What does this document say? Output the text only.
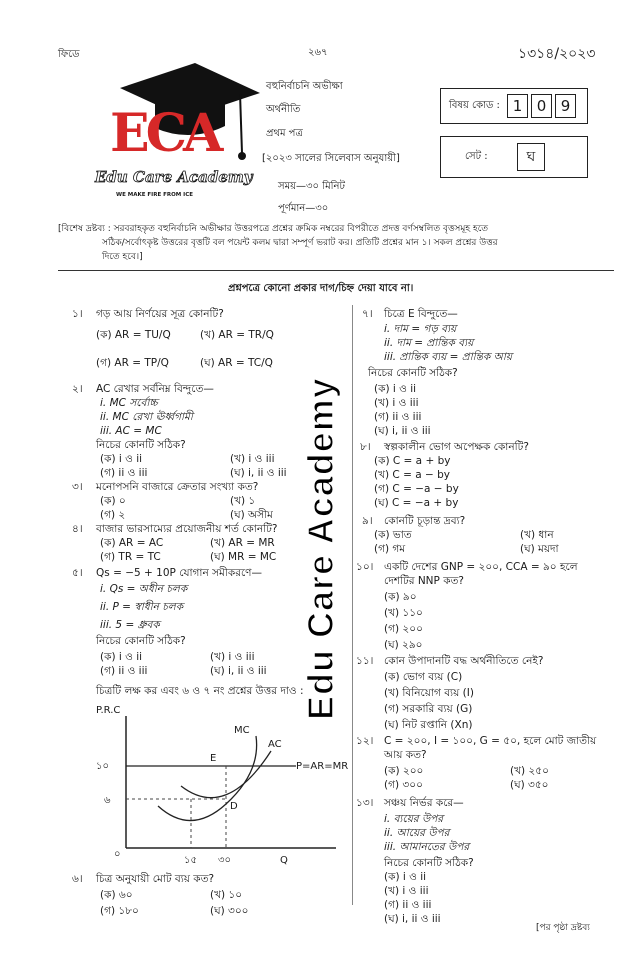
ফিডে	২৬৭	১৩১৪/২০২৩
ECA
Edu Care Academy
WE MAKE FIRE FROM ICE
বহুনির্বাচনি অভীক্ষা
অর্থনীতি
প্রথম পত্র
[২০২৩ সালের সিলেবাস অনুযায়ী]
সময়—৩০ মিনিট
পূর্ণমান—৩০
বিষয় কোড : 1 0 9
সেট :	ঘ
[বিশেষ দ্রষ্টব্য : সরবরাহকৃত বহুনির্বাচনি অভীক্ষার উত্তরপত্রে প্রশ্নের ক্রমিক নম্বরের বিপরীতে প্রদত্ত বর্ণসম্বলিত বৃত্তসমূহ হতে
সঠিক/সর্বোৎকৃষ্ট উত্তরের বৃত্তটি বল পয়েন্ট কলম দ্বারা সম্পূর্ণ ভরাট কর। প্রতিটি প্রশ্নের মান ১। সকল প্রশ্নের উত্তর
দিতে হবে।]
প্রশ্নপত্রে কোনো প্রকার দাগ/চিহ্ন দেয়া যাবে না।
১। গড় আয় নির্ণয়ের সূত্র কোনটি?
(ক) AR = TU/Q	(খ) AR = TR/Q
(গ) AR = TP/Q	(ঘ) AR = TC/Q
২। AC রেখার সর্বনিম্ন বিন্দুতে—
i. MC সর্বোচ্চ
ii. MC রেখা ঊর্ধ্বগামী
iii. AC = MC
নিচের কোনটি সঠিক?
(ক) i ও ii	(খ) i ও iii
(গ) ii ও iii	(ঘ) i, ii ও iii
৩। মনোপসনি বাজারে ক্রেতার সংখ্যা কত?
(ক) ০	(খ) ১
(গ) ২	(ঘ) অসীম
৪। বাজার ভারসাম্যের প্রয়োজনীয় শর্ত কোনটি?
(ক) AR = AC	(খ) AR = MR
(গ) TR = TC	(ঘ) MR = MC
৫। Qs = −5 + 10P যোগান সমীকরণে—
i. Qs = অধীন চলক
ii. P = স্বাধীন চলক
iii. 5 = ধ্রুবক
নিচের কোনটি সঠিক?
(ক) i ও ii	(খ) i ও iii
(গ) ii ও iii	(ঘ) i, ii ও iii
চিত্রটি লক্ষ কর এবং ৬ ও ৭ নং প্রশ্নের উত্তর দাও :
P.R.C
১০
৬
০
১৫ ৩০	Q
MC
AC
P=AR=MR
E
D
৬। চিত্র অনুযায়ী মোট ব্যয় কত?
(ক) ৬০	(খ) ১০
(গ) ১৮০	(ঘ) ৩০০
৭। চিত্রে E বিন্দুতে—
i. দাম = গড় ব্যয়
ii. দাম = প্রান্তিক ব্যয়
iii. প্রান্তিক ব্যয় = প্রান্তিক আয়
নিচের কোনটি সঠিক?
(ক) i ও ii
(খ) i ও iii
(গ) ii ও iii
(ঘ) i, ii ও iii
৮। স্বল্পকালীন ভোগ অপেক্ষক কোনটি?
(ক) C = a + by
(খ) C = a − by
(গ) C = −a − by
(ঘ) C = −a + by
৯। কোনটি চূড়ান্ত দ্রব্য?
(ক) ভাত	(খ) ধান
(গ) গম	(ঘ) ময়দা
১০। একটি দেশের GNP = ২০০, CCA = ৯০ হলে
দেশটির NNP কত?
(ক) ৯০
(খ) ১১০
(গ) ২০০
(ঘ) ২৯০
১১। কোন উপাদানটি বদ্ধ অর্থনীতিতে নেই?
(ক) ভোগ ব্যয় (C)
(খ) বিনিয়োগ ব্যয় (I)
(গ) সরকারি ব্যয় (G)
(ঘ) নিট রপ্তানি (Xn)
১২। C = ২০০, I = ১০০, G = ৫০, হলে মোট জাতীয়
আয় কত?
(ক) ২০০	(খ) ২৫০
(গ) ৩০০	(ঘ) ৩৫০
১৩। সঞ্চয় নির্ভর করে—
i. ব্যয়ের উপর
ii. আয়ের উপর
iii. আমানতের উপর
নিচের কোনটি সঠিক?
(ক) i ও ii
(খ) i ও iii
(গ) ii ও iii
(ঘ) i, ii ও iii
[পর পৃষ্ঠা দ্রষ্টব্য
Edu Care Academy
